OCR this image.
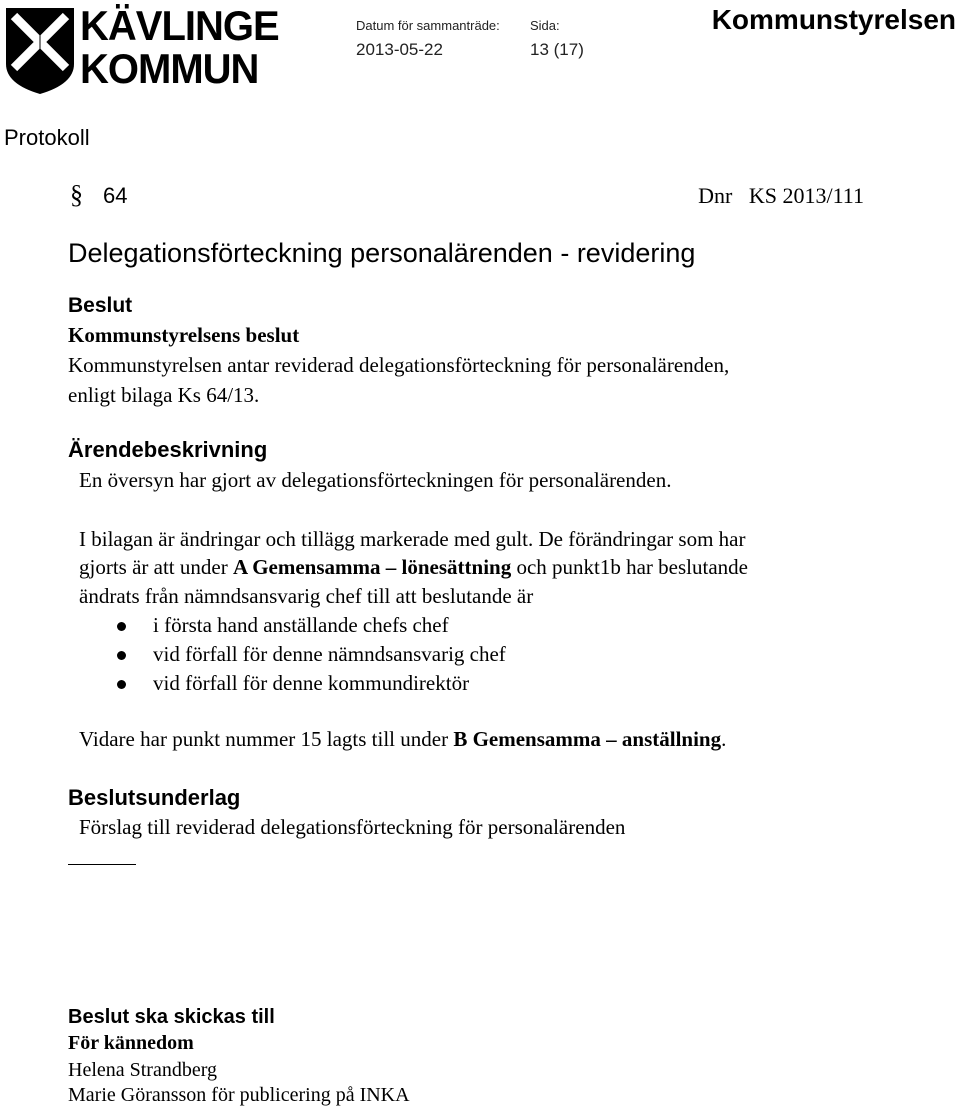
KÄVLINGE
KOMMUN
Datum för sammanträde:
2013-05-22
Sida:
13 (17)
Kommunstyrelsen
Protokoll
§ 64	Dnr   KS 2013/111
Delegationsförteckning personalärenden - revidering
Beslut
Kommunstyrelsens beslut
Kommunstyrelsen antar reviderad delegationsförteckning för personalärenden,
enligt bilaga Ks 64/13.
Ärendebeskrivning
En översyn har gjort av delegationsförteckningen för personalärenden.
I bilagan är ändringar och tillägg markerade med gult. De förändringar som har
gjorts är att under A Gemensamma – lönesättning och punkt1b har beslutande
ändrats från nämndsansvarig chef till att beslutande är
i första hand anställande chefs chef
vid förfall för denne nämndsansvarig chef
vid förfall för denne kommundirektör
Vidare har punkt nummer 15 lagts till under B Gemensamma – anställning.
Beslutsunderlag
Förslag till reviderad delegationsförteckning för personalärenden
Beslut ska skickas till
För kännedom
Helena Strandberg
Marie Göransson för publicering på INKA
